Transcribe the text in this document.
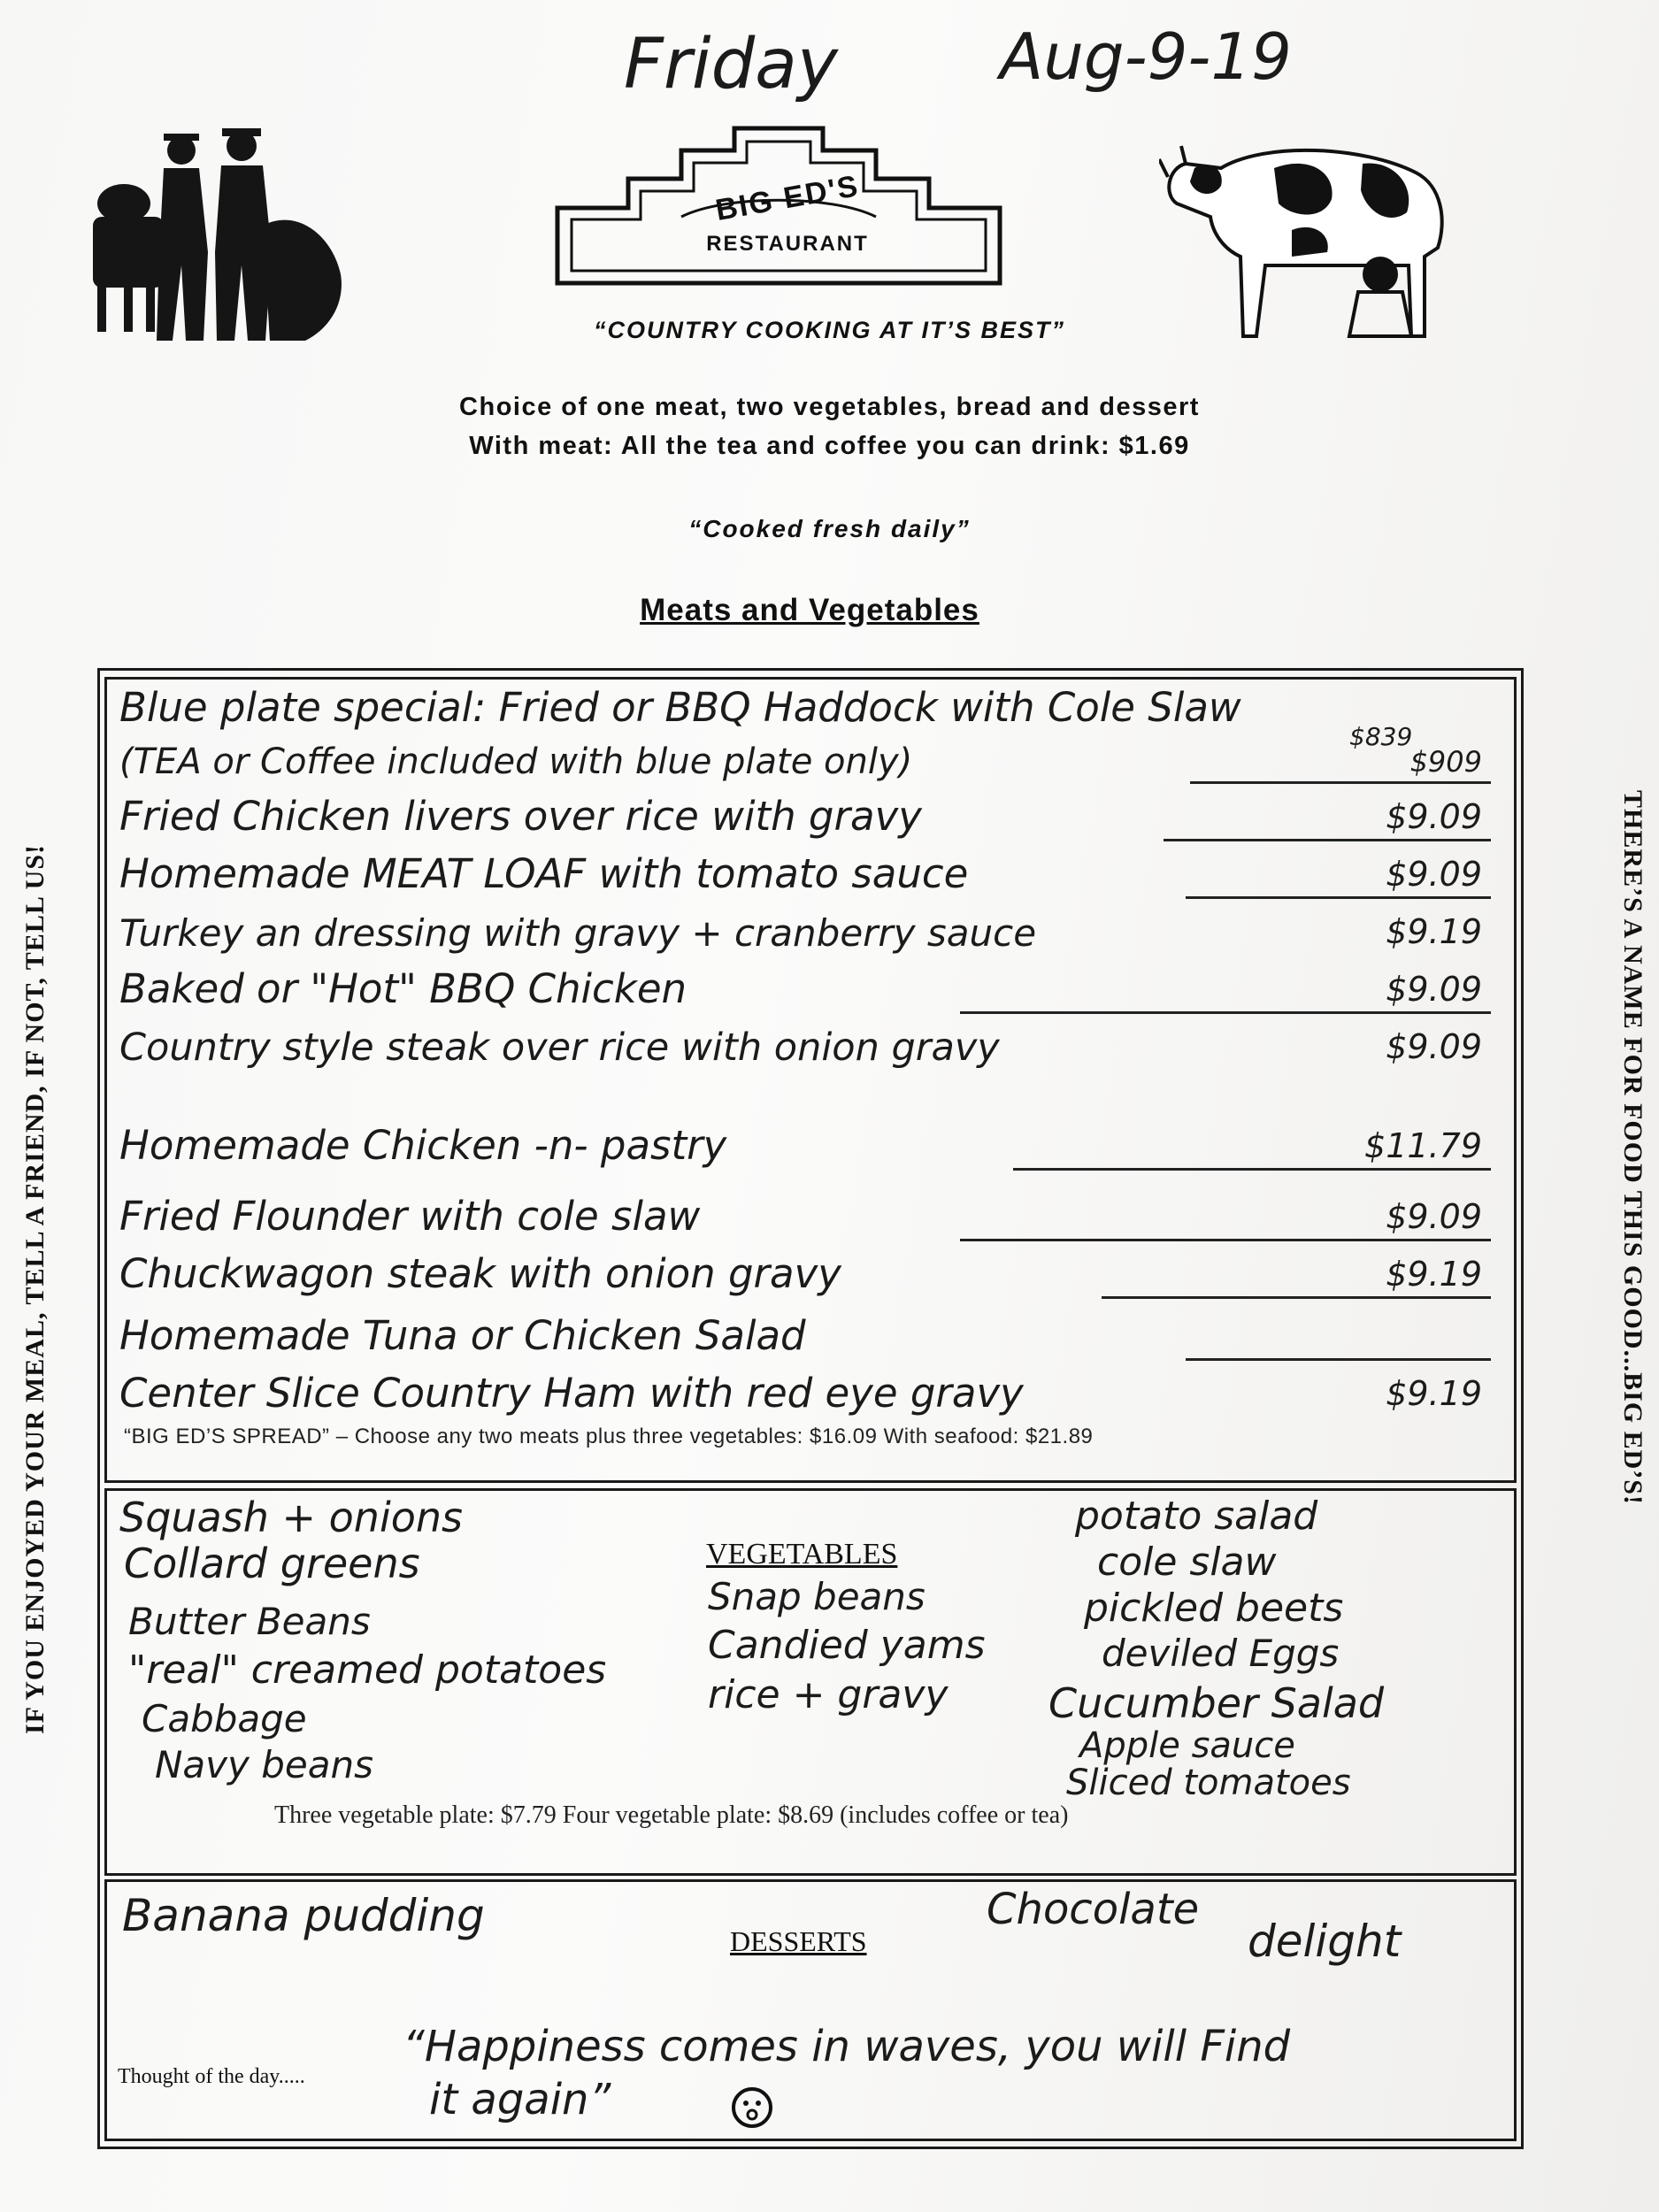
Friday	Aug-9-19
BIG ED'S
RESTAURANT
“COUNTRY COOKING AT IT’S BEST”
Choice of one meat, two vegetables, bread and dessert
With meat: All the tea and coffee you can drink: $1.69
“Cooked fresh daily”
Meats and Vegetables
Blue plate special: Fried or BBQ Haddock with Cole Slaw
$839
(TEA or Coffee included with blue plate only)	$909
Fried Chicken livers over rice with gravy	$9.09
Homemade MEAT LOAF with tomato sauce	$9.09
Turkey an dressing with gravy + cranberry sauce	$9.19
Baked or "Hot" BBQ Chicken	$9.09
Country style steak over rice with onion gravy	$9.09
Homemade Chicken -n- pastry	$11.79
Fried Flounder with cole slaw	$9.09
Chuckwagon steak with onion gravy	$9.19
Homemade Tuna or Chicken Salad
Center Slice Country Ham with red eye gravy	$9.19
“BIG ED’S SPREAD” – Choose any two meats plus three vegetables: $16.09 With seafood: $21.89
Squash + onions
Collard greens
Butter Beans
"real" creamed potatoes
Cabbage
Navy beans
VEGETABLES
Snap beans
Candied yams
rice + gravy
potato salad
cole slaw
pickled beets
deviled Eggs
Cucumber Salad
Apple sauce
Sliced tomatoes
Three vegetable plate: $7.79 Four vegetable plate: $8.69 (includes coffee or tea)
Banana pudding	DESSERTS
Chocolate
delight
Thought of the day.....
“Happiness comes in waves, you will Find
it again”
IF YOU ENJOYED YOUR MEAL, TELL A FRIEND, IF NOT, TELL US!	THERE’S A NAME FOR FOOD THIS GOOD...BIG ED’S!
